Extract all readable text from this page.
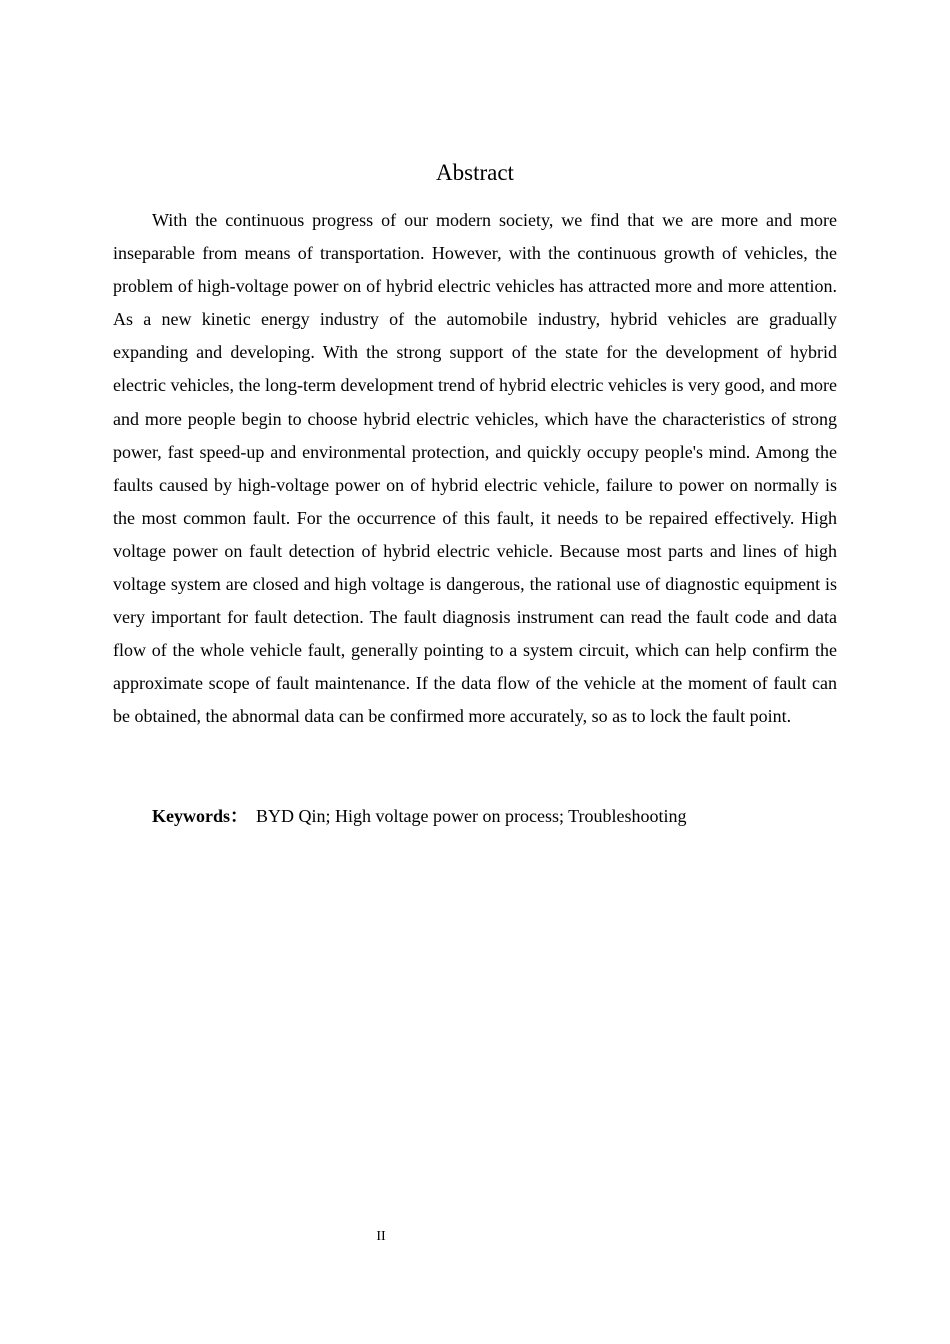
Abstract

With the continuous progress of our modern society, we find that we are more and more inseparable from means of transportation. However, with the continuous growth of vehicles, the problem of high-voltage power on of hybrid electric vehicles has attracted more and more attention. As a new kinetic energy industry of the automobile industry, hybrid vehicles are gradually expanding and developing. With the strong support of the state for the development of hybrid electric vehicles, the long-term development trend of hybrid electric vehicles is very good, and more and more people begin to choose hybrid electric vehicles, which have the characteristics of strong power, fast speed-up and environmental protection, and quickly occupy people's mind. Among the faults caused by high-voltage power on of hybrid electric vehicle, failure to power on normally is the most common fault. For the occurrence of this fault, it needs to be repaired effectively. High voltage power on fault detection of hybrid electric vehicle. Because most parts and lines of high voltage system are closed and high voltage is dangerous, the rational use of diagnostic equipment is very important for fault detection. The fault diagnosis instrument can read the fault code and data flow of the whole vehicle fault, generally pointing to a system circuit, which can help confirm the approximate scope of fault maintenance. If the data flow of the vehicle at the moment of fault can be obtained, the abnormal data can be confirmed more accurately, so as to lock the fault point.

Keywords： BYD Qin; High voltage power on process; Troubleshooting
II
